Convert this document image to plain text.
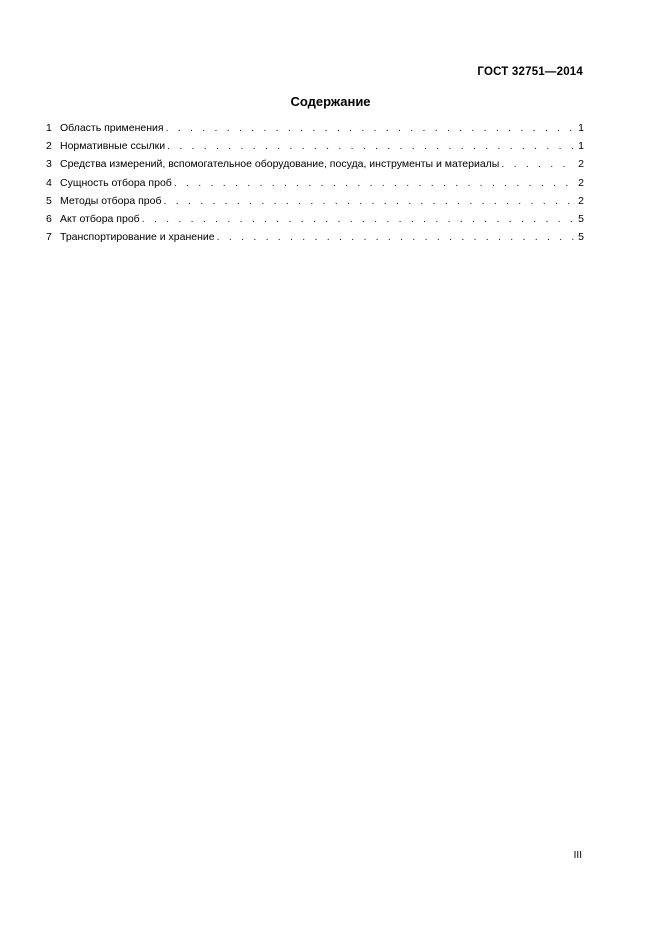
ГОСТ 32751—2014
Содержание
1 Область применения . . .	1
2 Нормативные ссылки . . .	1
3 Средства измерений, вспомогательное оборудование, посуда, инструменты и материалы . . .	2
4 Сущность отбора проб . . .	2
5 Методы отбора проб . . .	2
6 Акт отбора проб . . .	5
7 Транспортирование и хранение . . .	5
III
